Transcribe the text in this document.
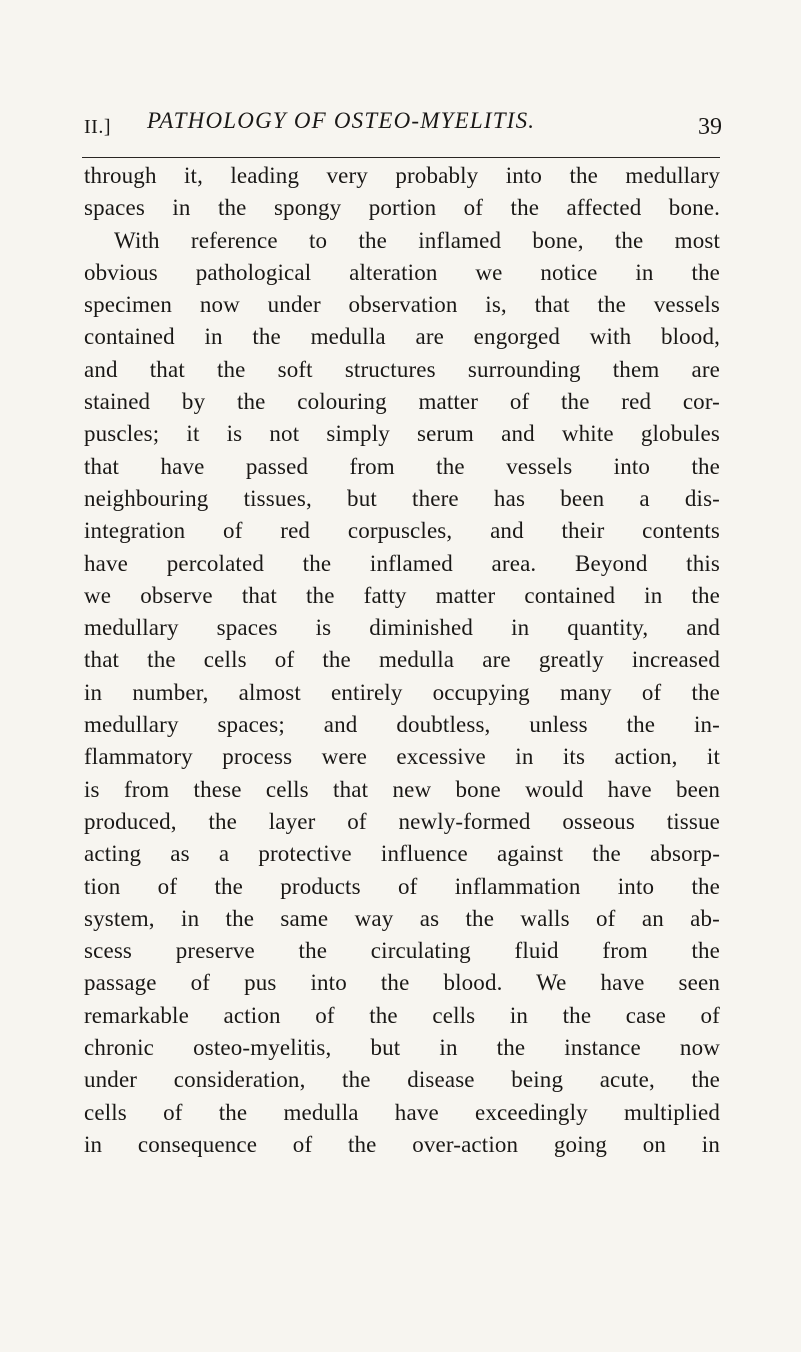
II.] PATHOLOGY OF OSTEO-MYELITIS.	39
through it, leading very probably into the medullary
spaces in the spongy portion of the affected bone.
With reference to the inflamed bone, the most
obvious pathological alteration we notice in the
specimen now under observation is, that the vessels
contained in the medulla are engorged with blood,
and that the soft structures surrounding them are
stained by the colouring matter of the red cor-
puscles; it is not simply serum and white globules
that have passed from the vessels into the
neighbouring tissues, but there has been a dis-
integration of red corpuscles, and their contents
have percolated the inflamed area. Beyond this
we observe that the fatty matter contained in the
medullary spaces is diminished in quantity, and
that the cells of the medulla are greatly increased
in number, almost entirely occupying many of the
medullary spaces; and doubtless, unless the in-
flammatory process were excessive in its action, it
is from these cells that new bone would have been
produced, the layer of newly-formed osseous tissue
acting as a protective influence against the absorp-
tion of the products of inflammation into the
system, in the same way as the walls of an ab-
scess preserve the circulating fluid from the
passage of pus into the blood. We have seen
remarkable action of the cells in the case of
chronic osteo-myelitis, but in the instance now
under consideration, the disease being acute, the
cells of the medulla have exceedingly multiplied
in consequence of the over-action going on in
